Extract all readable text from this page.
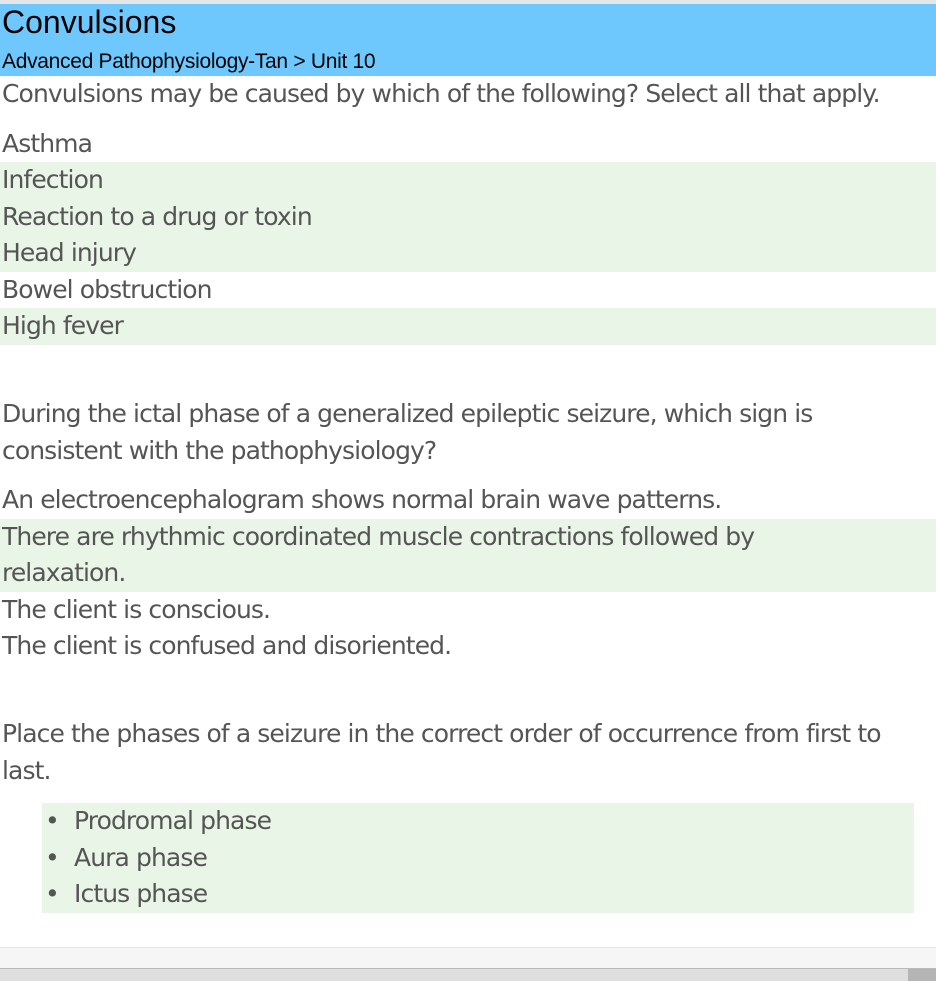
Convulsions
Advanced Pathophysiology-Tan > Unit 10

Convulsions may be caused by which of the following? Select all that apply.

Asthma
Infection
Reaction to a drug or toxin
Head injury
Bowel obstruction
High fever

During the ictal phase of a generalized epileptic seizure, which sign is consistent with the pathophysiology?

An electroencephalogram shows normal brain wave patterns.
There are rhythmic coordinated muscle contractions followed by relaxation.
The client is conscious.
The client is confused and disoriented.

Place the phases of a seizure in the correct order of occurrence from first to last.

• Prodromal phase
• Aura phase
• Ictus phase
